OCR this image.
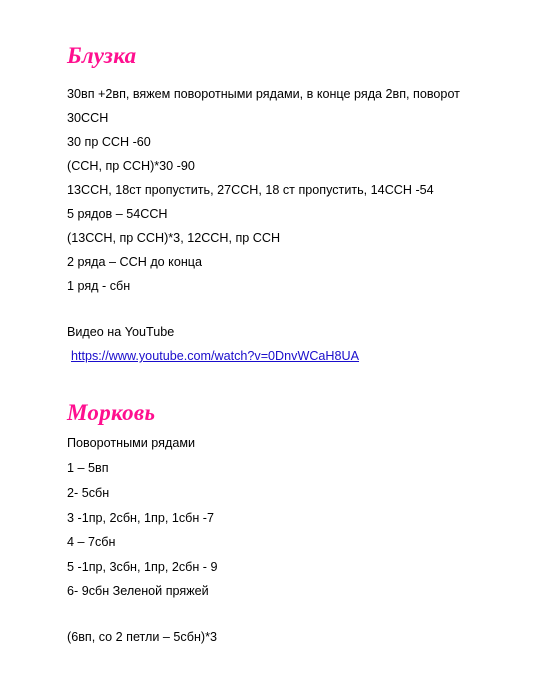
Блузка

30вп +2вп, вяжем поворотными рядами, в конце ряда 2вп, поворот

30ССН

30 пр ССН -60

(ССН, пр ССН)*30 -90

13ССН, 18ст пропустить, 27ССН, 18 ст пропустить, 14ССН -54

5 рядов – 54ССН

(13ССН, пр ССН)*3, 12ССН, пр ССН

2 ряда – ССН до конца

1 ряд - сбн

Видео на YouTube

https://www.youtube.com/watch?v=0DnvWCaH8UA
Морковь

Поворотными рядами

1 – 5вп

2- 5сбн

3 -1пр, 2сбн, 1пр, 1сбн -7

4 – 7сбн

5 -1пр, 3сбн, 1пр, 2сбн - 9

6- 9сбн Зеленой пряжей

(6вп, со 2 петли – 5сбн)*3
